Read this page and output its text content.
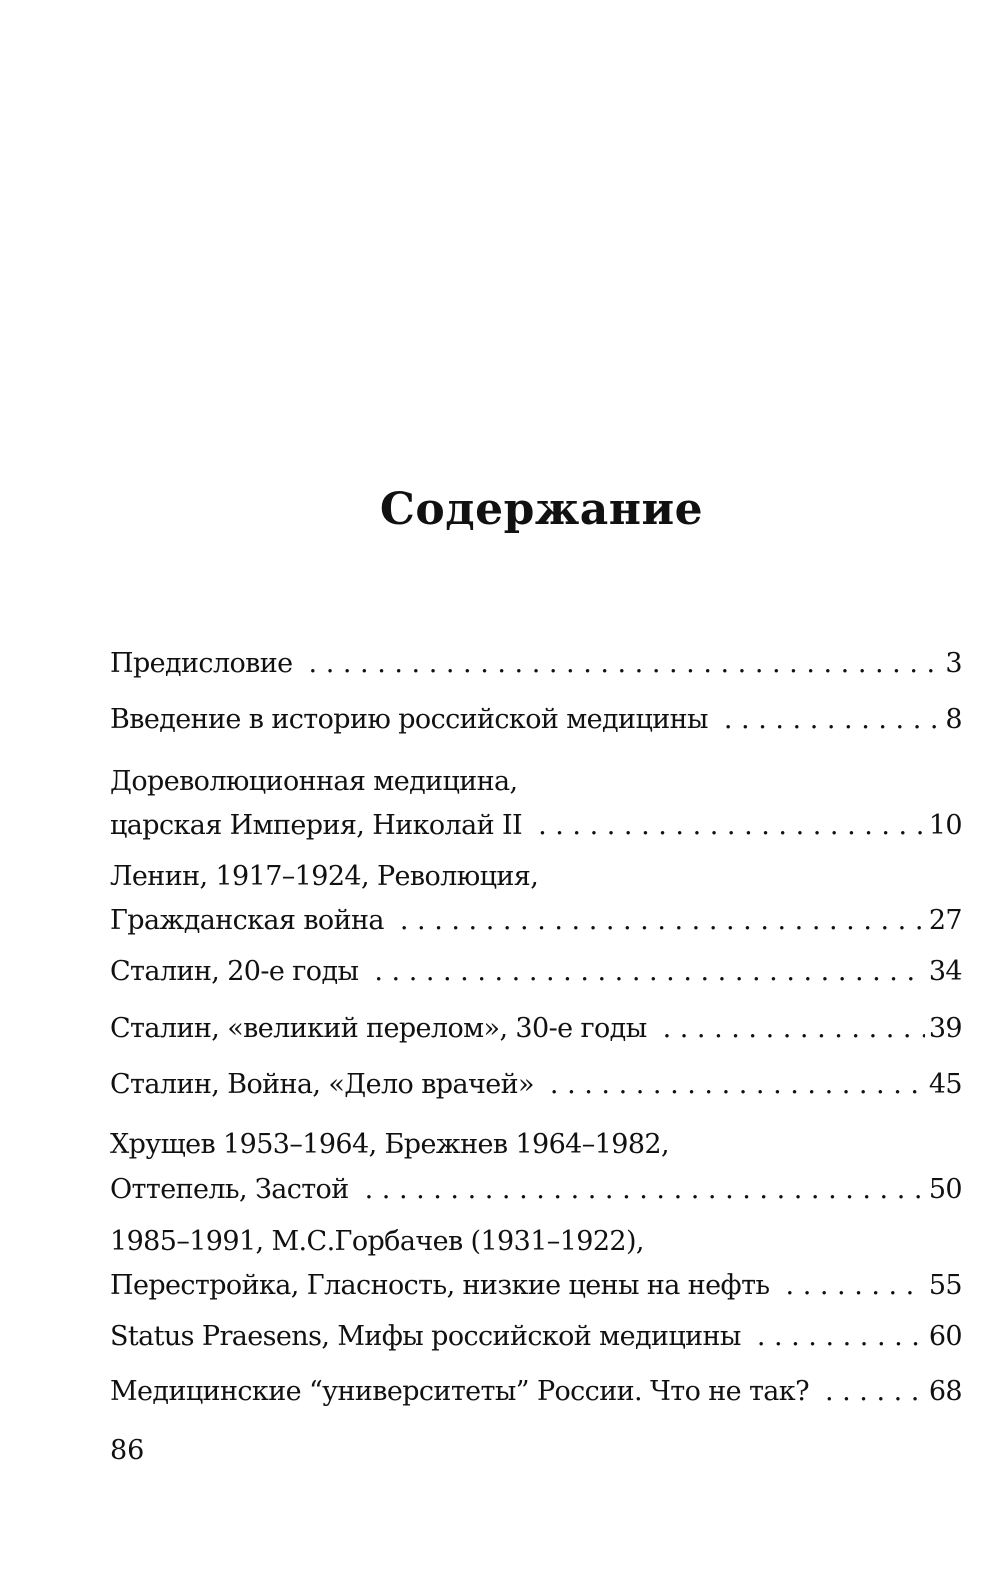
Содержание
Предисловие . . .	3
Введение в историю российской медицины . . .	8
Дореволюционная медицина,
царская Империя, Николай II . . .	10
Ленин, 1917–1924, Революция,
Гражданская война . . .	27
Сталин, 20-е годы . . .	34
Сталин, «великий перелом», 30-е годы . . .	39
Сталин, Война, «Дело врачей» . . .	45
Хрущев 1953–1964, Брежнев 1964–1982,
Оттепель, Застой . . .	50
1985–1991, М.С.Горбачев (1931–1922),
Перестройка, Гласность, низкие цены на нефть . . .	55
Status Praesens, Мифы российской медицины . . .	60
Медицинские “университеты” России. Что не так? . . .	68
86
